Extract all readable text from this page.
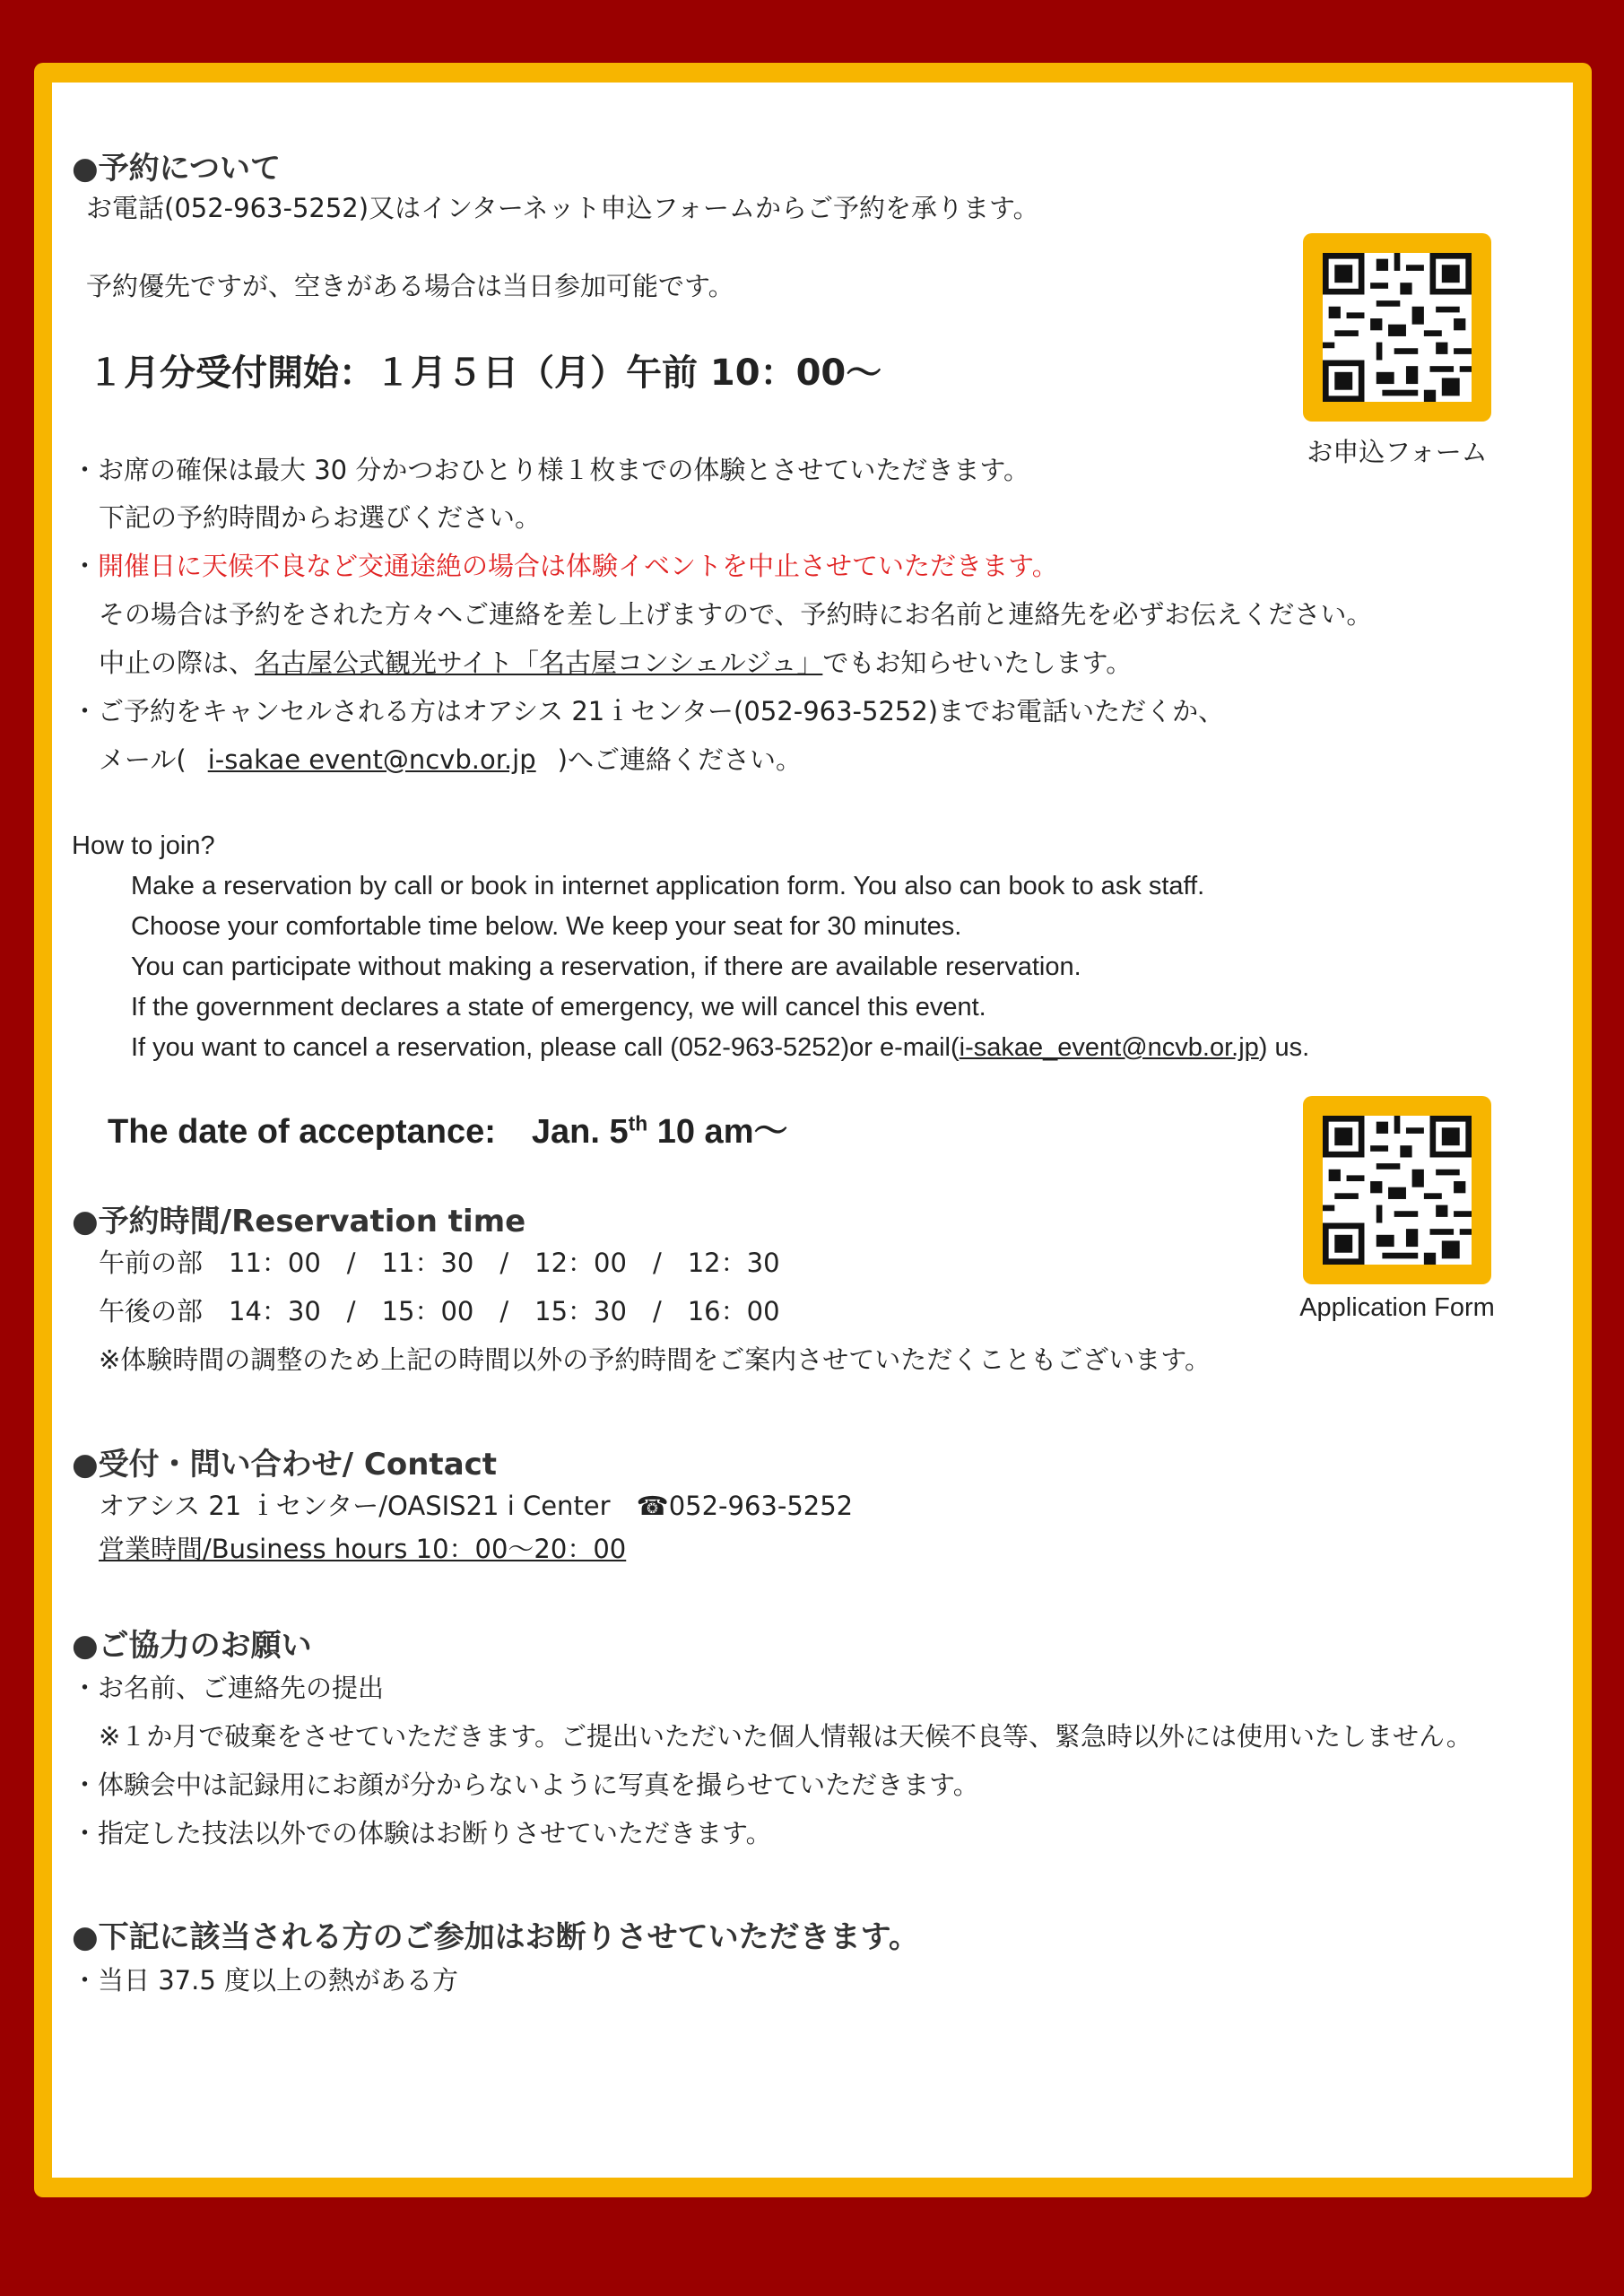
●予約について
お電話(052-963-5252)又はインターネット申込フォームからご予約を承ります。
予約優先ですが、空きがある場合は当日参加可能です。
１月分受付開始：１月５日（月）午前 10：00〜
お申込フォーム
・お席の確保は最大 30 分かつおひとり様１枚までの体験とさせていただきます。
下記の予約時間からお選びください。
・開催日に天候不良など交通途絶の場合は体験イベントを中止させていただきます。
その場合は予約をされた方々へご連絡を差し上げますので、予約時にお名前と連絡先を必ずお伝えください。
中止の際は、名古屋公式観光サイト「名古屋コンシェルジュ」でもお知らせいたします。
・ご予約をキャンセルされる方はオアシス 21ｉセンター(052-963-5252)までお電話いただくか、
メール( i-sakae event@ncvb.or.jp )へご連絡ください。
How to join?
Make a reservation by call or book in internet application form. You also can book to ask staff.
Choose your comfortable time below. We keep your seat for 30 minutes.
You can participate without making a reservation, if there are available reservation.
If the government declares a state of emergency, we will cancel this event.
If you want to cancel a reservation, please call (052-963-5252)or e-mail(i-sakae_event@ncvb.or.jp) us.
The date of acceptance: Jan. 5th 10 am〜
Application Form
●予約時間/Reservation time
午前の部　11：00　/　11：30　/　12：00　/　12：30
午後の部　14：30　/　15：00　/　15：30　/　16：00
※体験時間の調整のため上記の時間以外の予約時間をご案内させていただくこともございます。
●受付・問い合わせ/ Contact
オアシス 21 ｉセンター/OASIS21 i Center　☎052-963-5252
営業時間/Business hours 10：00〜20：00
●ご協力のお願い
・お名前、ご連絡先の提出
※１か月で破棄をさせていただきます。ご提出いただいた個人情報は天候不良等、緊急時以外には使用いたしません。
・体験会中は記録用にお顔が分からないように写真を撮らせていただきます。
・指定した技法以外での体験はお断りさせていただきます。
●下記に該当される方のご参加はお断りさせていただきます。
・当日 37.5 度以上の熱がある方
